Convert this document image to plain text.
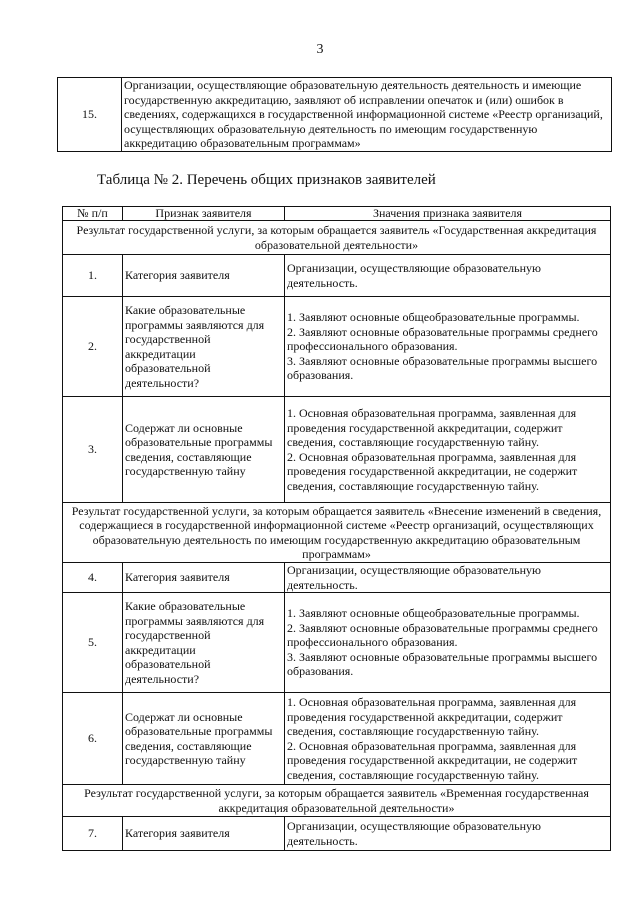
3
15.	Организации, осуществляющие образовательную деятельность деятельность и имеющие государственную аккредитацию, заявляют об исправлении опечаток и (или) ошибок в сведениях, содержащихся в государственной информационной системе «Реестр организаций, осуществляющих образовательную деятельность по имеющим государственную аккредитацию образовательным программам»
Таблица № 2. Перечень общих признаков заявителей
№ п/п	Признак заявителя	Значения признака заявителя
Результат государственной услуги, за которым обращается заявитель «Государственная аккредитация образовательной деятельности»		
1.	Категория заявителя	Организации, осуществляющие образовательную деятельность.

2.	Какие образовательные программы заявляются для государственной аккредитации образовательной деятельности?	1. Заявляют основные общеобразовательные программы.
2. Заявляют основные образовательные программы среднего профессионального образования.
3. Заявляют основные образовательные программы высшего образования.

3.	Содержат ли основные образовательные программы сведения, составляющие государственную тайну	1. Основная образовательная программа, заявленная для проведения государственной аккредитации, содержит сведения, составляющие государственную тайну.
2. Основная образовательная программа, заявленная для проведения государственной аккредитации, не содержит сведения, составляющие государственную тайну.

Результат государственной услуги, за которым обращается заявитель «Внесение изменений в сведения, содержащиеся в государственной информационной системе «Реестр организаций, осуществляющих образовательную деятельность по имеющим государственную аккредитацию образовательным программам»		
4.	Категория заявителя	Организации, осуществляющие образовательную деятельность.

5.	Какие образовательные программы заявляются для государственной аккредитации образовательной деятельности?	1. Заявляют основные общеобразовательные программы.
2. Заявляют основные образовательные программы среднего профессионального образования.
3. Заявляют основные образовательные программы высшего образования.

6.	Содержат ли основные образовательные программы сведения, составляющие государственную тайну	1. Основная образовательная программа, заявленная для проведения государственной аккредитации, содержит сведения, составляющие государственную тайну.
2. Основная образовательная программа, заявленная для проведения государственной аккредитации, не содержит сведения, составляющие государственную тайну.

Результат государственной услуги, за которым обращается заявитель «Временная государственная аккредитация образовательной деятельности»		
7.	Категория заявителя	Организации, осуществляющие образовательную деятельность.
